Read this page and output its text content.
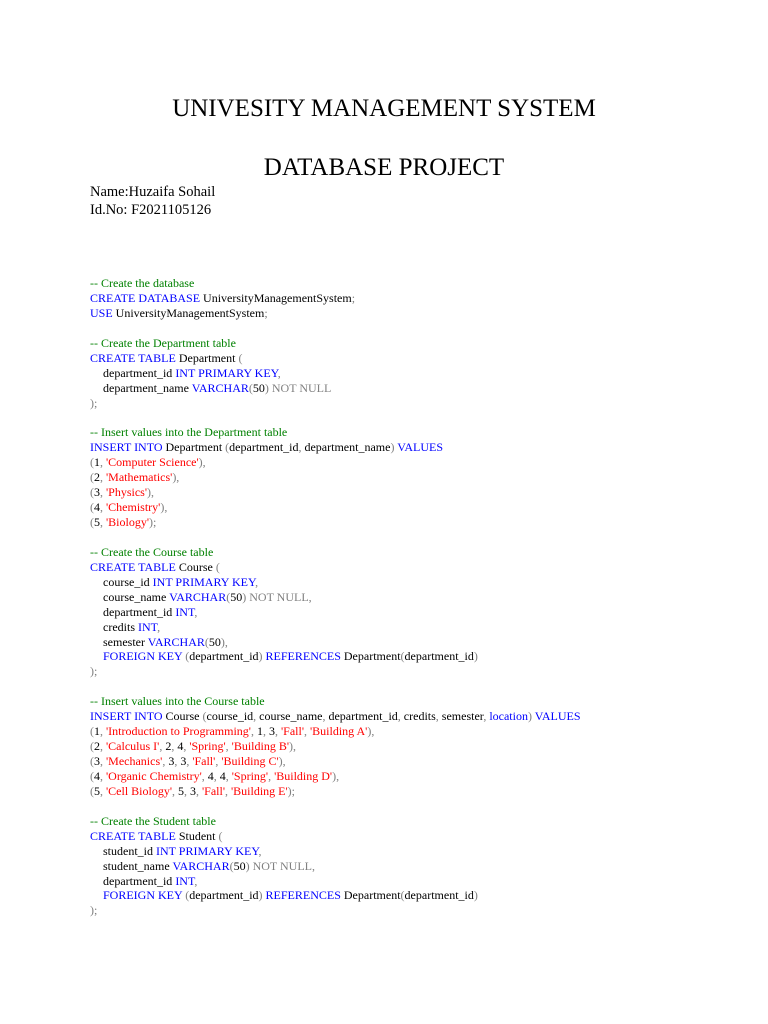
UNIVESITY MANAGEMENT SYSTEM
DATABASE PROJECT
Name:Huzaifa Sohail
Id.No: F2021105126
-- Create the database
CREATE DATABASE UniversityManagementSystem;
USE UniversityManagementSystem;
-- Create the Department table
CREATE TABLE Department (
department_id INT PRIMARY KEY,
department_name VARCHAR(50) NOT NULL
);
-- Insert values into the Department table
INSERT INTO Department (department_id, department_name) VALUES
(1, 'Computer Science'),
(2, 'Mathematics'),
(3, 'Physics'),
(4, 'Chemistry'),
(5, 'Biology');
-- Create the Course table
CREATE TABLE Course (
course_id INT PRIMARY KEY,
course_name VARCHAR(50) NOT NULL,
department_id INT,
credits INT,
semester VARCHAR(50),
FOREIGN KEY (department_id) REFERENCES Department(department_id)
);
-- Insert values into the Course table
INSERT INTO Course (course_id, course_name, department_id, credits, semester, location) VALUES
(1, 'Introduction to Programming', 1, 3, 'Fall', 'Building A'),
(2, 'Calculus I', 2, 4, 'Spring', 'Building B'),
(3, 'Mechanics', 3, 3, 'Fall', 'Building C'),
(4, 'Organic Chemistry', 4, 4, 'Spring', 'Building D'),
(5, 'Cell Biology', 5, 3, 'Fall', 'Building E');
-- Create the Student table
CREATE TABLE Student (
student_id INT PRIMARY KEY,
student_name VARCHAR(50) NOT NULL,
department_id INT,
FOREIGN KEY (department_id) REFERENCES Department(department_id)
);
